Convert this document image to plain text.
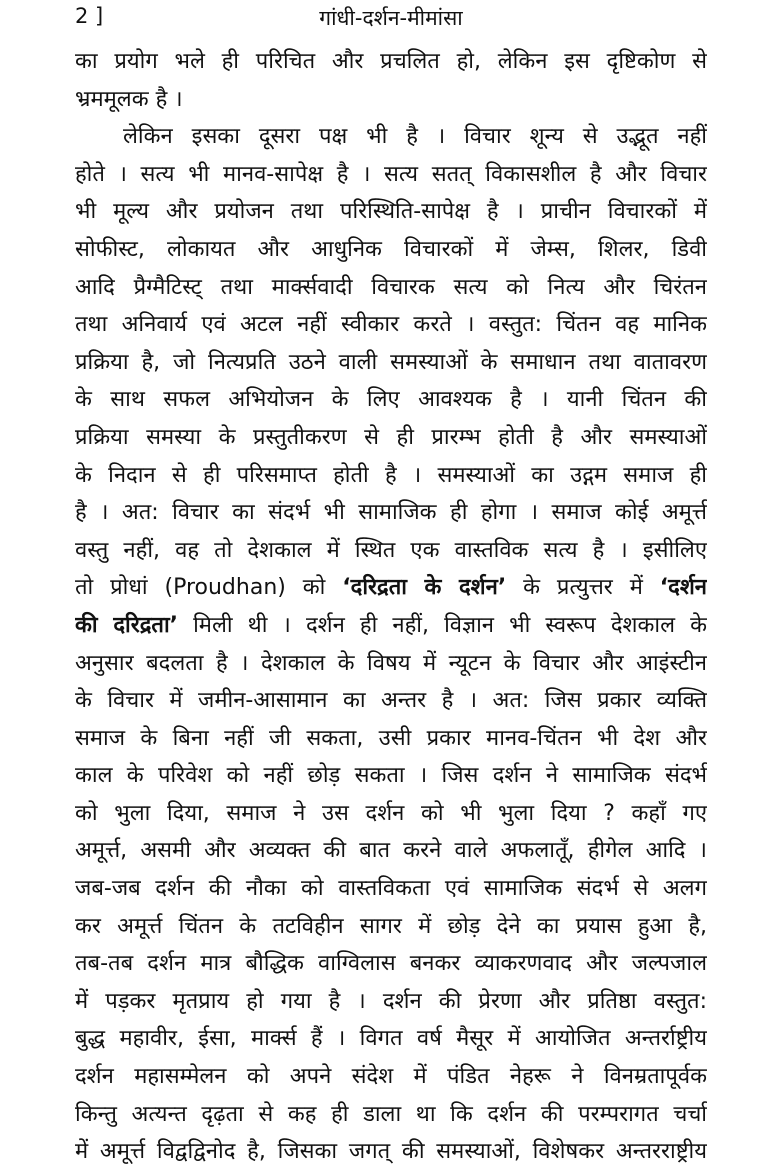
2 ]	गांधी-दर्शन-मीमांसा
का प्रयोग भले ही परिचित और प्रचलित हो, लेकिन इस दृष्टिकोण से
भ्रममूलक है ।
लेकिन इसका दूसरा पक्ष भी है । विचार शून्य से उद्भूत नहीं
होते । सत्य भी मानव-सापेक्ष है । सत्य सतत् विकासशील है और विचार
भी मूल्य और प्रयोजन तथा परिस्थिति-सापेक्ष है । प्राचीन विचारकों में
सोफीस्ट, लोकायत और आधुनिक विचारकों में जेम्स, शिलर, डिवी
आदि प्रैग्मैटिस्ट् तथा मार्क्सवादी विचारक सत्य को नित्य और चिरंतन
तथा अनिवार्य एवं अटल नहीं स्वीकार करते । वस्तुत: चिंतन वह मानिक
प्रक्रिया है, जो नित्यप्रति उठने वाली समस्याओं के समाधान तथा वातावरण
के साथ सफल अभियोजन के लिए आवश्यक है । यानी चिंतन की
प्रक्रिया समस्या के प्रस्तुतीकरण से ही प्रारम्भ होती है और समस्याओं
के निदान से ही परिसमाप्त होती है । समस्याओं का उद्गम समाज ही
है । अत: विचार का संदर्भ भी सामाजिक ही होगा । समाज कोई अमूर्त्त
वस्तु नहीं, वह तो देशकाल में स्थित एक वास्तविक सत्य है । इसीलिए
तो प्रोधां (Proudhan) को ‘दरिद्रता के दर्शन’ के प्रत्युत्तर में ‘दर्शन
की दरिद्रता’ मिली थी । दर्शन ही नहीं, विज्ञान भी स्वरूप देशकाल के
अनुसार बदलता है । देशकाल के विषय में न्यूटन के विचार और आइंस्टीन
के विचार में जमीन-आसामान का अन्तर है । अत: जिस प्रकार व्यक्ति
समाज के बिना नहीं जी सकता, उसी प्रकार मानव-चिंतन भी देश और
काल के परिवेश को नहीं छोड़ सकता । जिस दर्शन ने सामाजिक संदर्भ
को भुला दिया, समाज ने उस दर्शन को भी भुला दिया ? कहाँ गए
अमूर्त्त, असमी और अव्यक्त की बात करने वाले अफलातूँ, हीगेल आदि ।
जब-जब दर्शन की नौका को वास्तविकता एवं सामाजिक संदर्भ से अलग
कर अमूर्त्त चिंतन के तटविहीन सागर में छोड़ देने का प्रयास हुआ है,
तब-तब दर्शन मात्र बौद्धिक वाग्विलास बनकर व्याकरणवाद और जल्पजाल
में पड़कर मृतप्राय हो गया है । दर्शन की प्रेरणा और प्रतिष्ठा वस्तुत:
बुद्ध महावीर, ईसा, मार्क्स हैं । विगत वर्ष मैसूर में आयोजित अन्तर्राष्ट्रीय
दर्शन महासम्मेलन को अपने संदेश में पंडित नेहरू ने विनम्रतापूर्वक
किन्तु अत्यन्त दृढ़ता से कह ही डाला था कि दर्शन की परम्परागत चर्चा
में अमूर्त्त विद्वद्विनोद है, जिसका जगत् की समस्याओं, विशेषकर अन्तरराष्ट्रीय
